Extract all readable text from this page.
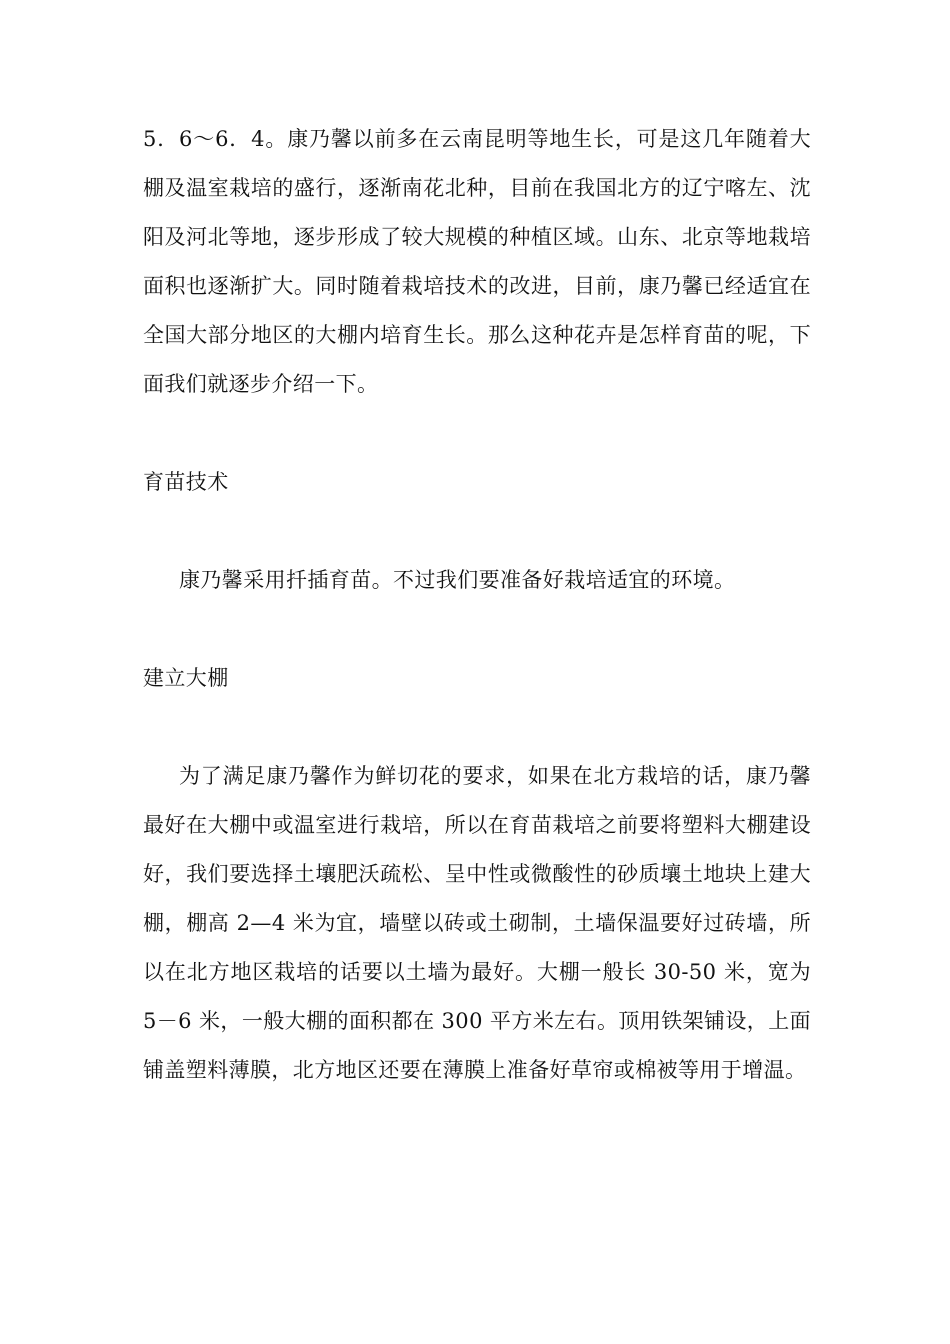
5．6～6．4。康乃馨以前多在云南昆明等地生长，可是这几年随着大棚及温室栽培的盛行，逐渐南花北种，目前在我国北方的辽宁喀左、沈阳及河北等地，逐步形成了较大规模的种植区域。山东、北京等地栽培面积也逐渐扩大。同时随着栽培技术的改进，目前，康乃馨已经适宜在全国大部分地区的大棚内培育生长。那么这种花卉是怎样育苗的呢，下面我们就逐步介绍一下。

育苗技术

康乃馨采用扦插育苗。不过我们要准备好栽培适宜的环境。

建立大棚

为了满足康乃馨作为鲜切花的要求，如果在北方栽培的话，康乃馨最好在大棚中或温室进行栽培，所以在育苗栽培之前要将塑料大棚建设好，我们要选择土壤肥沃疏松、呈中性或微酸性的砂质壤土地块上建大棚，棚高 2—4 米为宜，墙壁以砖或土砌制，土墙保温要好过砖墙，所以在北方地区栽培的话要以土墙为最好。大棚一般长 30-50 米，宽为 5－6 米，一般大棚的面积都在 300 平方米左右。顶用铁架铺设，上面铺盖塑料薄膜，北方地区还要在薄膜上准备好草帘或棉被等用于增温。
